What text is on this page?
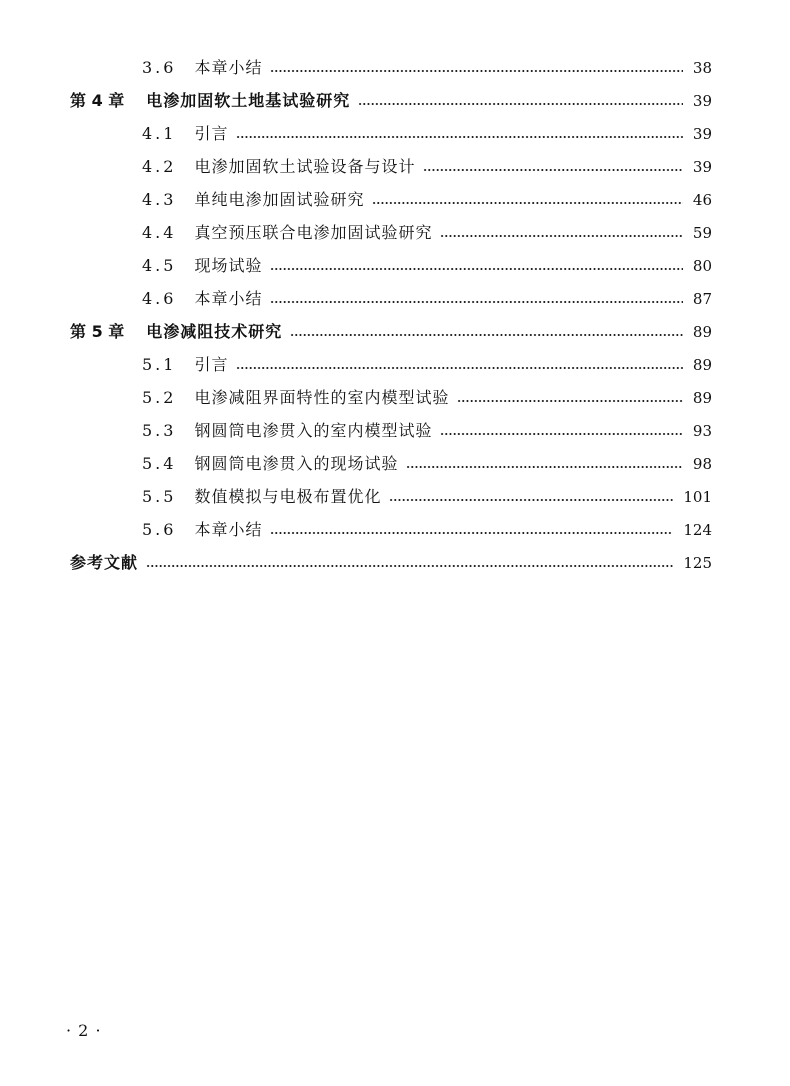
3.6 本章小结	38
第 4 章 电渗加固软土地基试验研究	39
4.1 引言	39
4.2 电渗加固软土试验设备与设计	39
4.3 单纯电渗加固试验研究	46
4.4 真空预压联合电渗加固试验研究	59
4.5 现场试验	80
4.6 本章小结	87
第 5 章 电渗减阻技术研究	89
5.1 引言	89
5.2 电渗减阻界面特性的室内模型试验	89
5.3 钢圆筒电渗贯入的室内模型试验	93
5.4 钢圆筒电渗贯入的现场试验	98
5.5 数值模拟与电极布置优化	101
5.6 本章小结	124
参考文献	125
· 2 ·
